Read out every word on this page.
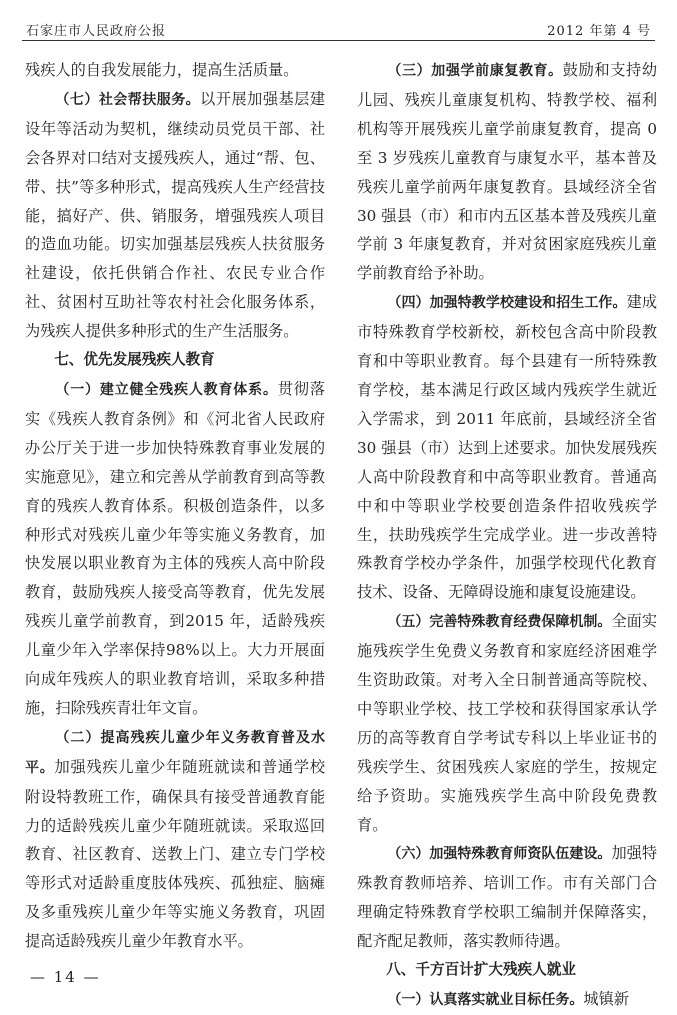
石家庄市人民政府公报	2012 年第 4 号

残疾人的自我发展能力，提高生活质量。

（七）社会帮扶服务。以开展加强基层建设年等活动为契机，继续动员党员干部、社会各界对口结对支援残疾人，通过“帮、包、带、扶”等多种形式，提高残疾人生产经营技能，搞好产、供、销服务，增强残疾人项目的造血功能。切实加强基层残疾人扶贫服务社建设，依托供销合作社、农民专业合作社、贫困村互助社等农村社会化服务体系，为残疾人提供多种形式的生产生活服务。

七、优先发展残疾人教育

（一）建立健全残疾人教育体系。贯彻落实《残疾人教育条例》和《河北省人民政府办公厅关于进一步加快特殊教育事业发展的实施意见》，建立和完善从学前教育到高等教育的残疾人教育体系。积极创造条件，以多种形式对残疾儿童少年等实施义务教育，加快发展以职业教育为主体的残疾人高中阶段教育，鼓励残疾人接受高等教育，优先发展残疾儿童学前教育，到2015 年，适龄残疾儿童少年入学率保持98%以上。大力开展面向成年残疾人的职业教育培训，采取多种措施，扫除残疾青壮年文盲。

（二）提高残疾儿童少年义务教育普及水平。加强残疾儿童少年随班就读和普通学校附设特教班工作，确保具有接受普通教育能力的适龄残疾儿童少年随班就读。采取巡回教育、社区教育、送教上门、建立专门学校等形式对适龄重度肢体残疾、孤独症、脑瘫及多重残疾儿童少年等实施义务教育，巩固提高适龄残疾儿童少年教育水平。

（三）加强学前康复教育。鼓励和支持幼儿园、残疾儿童康复机构、特教学校、福利机构等开展残疾儿童学前康复教育，提高 0 至 3 岁残疾儿童教育与康复水平，基本普及残疾儿童学前两年康复教育。县域经济全省 30 强县（市）和市内五区基本普及残疾儿童学前 3 年康复教育，并对贫困家庭残疾儿童学前教育给予补助。

（四）加强特教学校建设和招生工作。建成市特殊教育学校新校，新校包含高中阶段教育和中等职业教育。每个县建有一所特殊教育学校，基本满足行政区域内残疾学生就近入学需求，到 2011 年底前，县域经济全省 30 强县（市）达到上述要求。加快发展残疾人高中阶段教育和中高等职业教育。普通高中和中等职业学校要创造条件招收残疾学生，扶助残疾学生完成学业。进一步改善特殊教育学校办学条件，加强学校现代化教育技术、设备、无障碍设施和康复设施建设。

（五）完善特殊教育经费保障机制。全面实施残疾学生免费义务教育和家庭经济困难学生资助政策。对考入全日制普通高等院校、中等职业学校、技工学校和获得国家承认学历的高等教育自学考试专科以上毕业证书的残疾学生、贫困残疾人家庭的学生，按规定给予资助。实施残疾学生高中阶段免费教育。

（六）加强特殊教育师资队伍建设。加强特殊教育教师培养、培训工作。市有关部门合理确定特殊教育学校职工编制并保障落实，配齐配足教师，落实教师待遇。

八、千方百计扩大残疾人就业

（一）认真落实就业目标任务。城镇新

— 14 —
